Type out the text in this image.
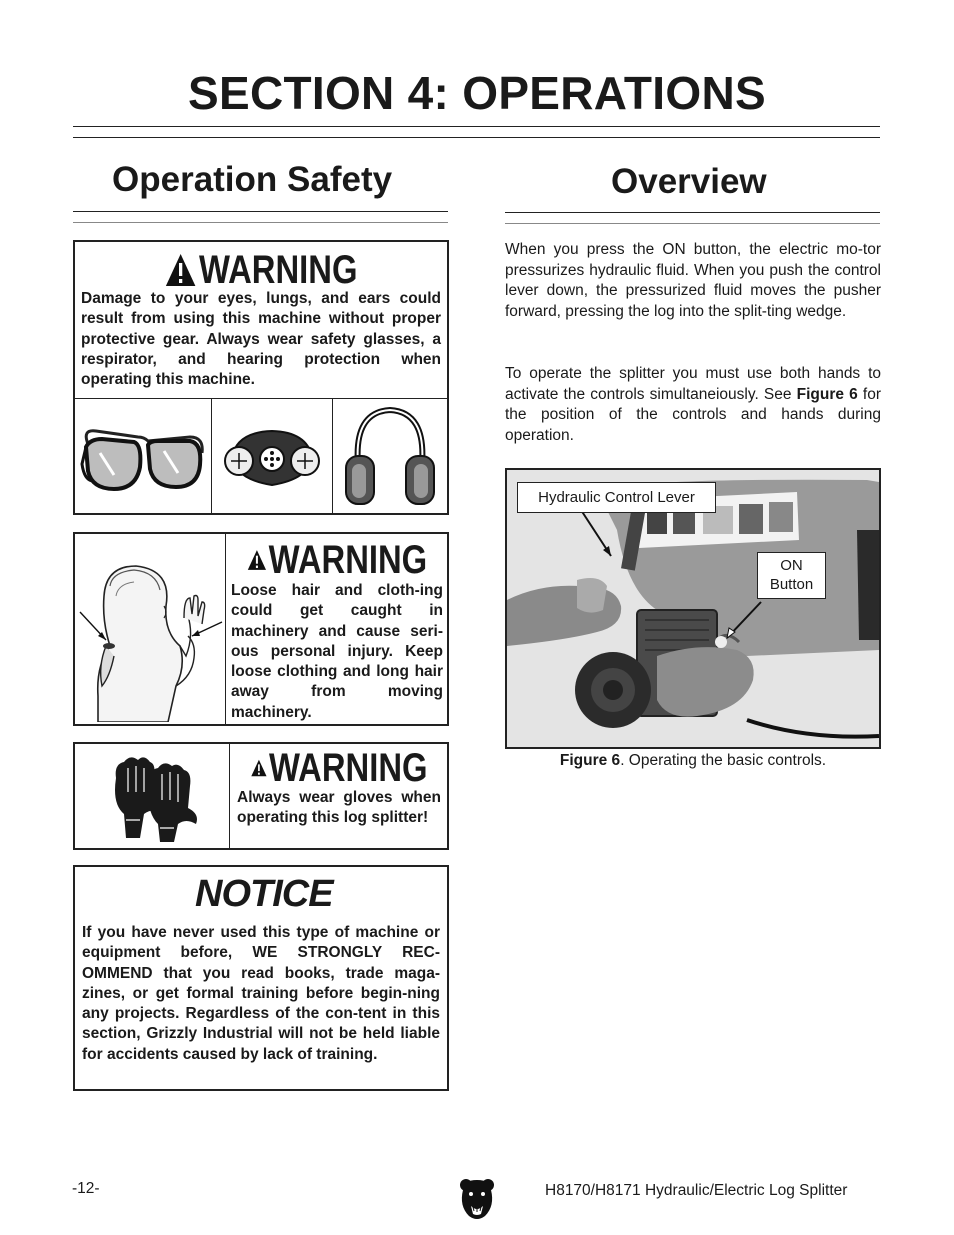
SECTION 4: OPERATIONS
Operation Safety	Overview
WARNING
Damage to your eyes, lungs, and ears could result from using this machine without proper protective gear. Always wear safety glasses, a respirator, and hearing protection when operating this machine.
WARNING
Loose hair and cloth-ing could get caught in machinery and cause seri-ous personal injury. Keep loose clothing and long hair away from moving machinery.
WARNING
Always wear gloves when operating this log splitter!
NOTICE
If you have never used this type of machine or equipment before, WE STRONGLY REC-OMMEND that you read books, trade maga-zines, or get formal training before begin-ning any projects. Regardless of the con-tent in this section, Grizzly Industrial will not be held liable for accidents caused by lack of training.
When you press the ON button, the electric mo-tor pressurizes hydraulic fluid. When you push the control lever down, the pressurized fluid moves the pusher forward, pressing the log into the split-ting wedge.
To operate the splitter you must use both hands to activate the controls simultaneiously. See Figure 6 for the position of the controls and hands during operation.
Hydraulic Control Lever
ON
Button
Figure 6. Operating the basic controls.
-12-	H8170/H8171 Hydraulic/Electric Log Splitter
